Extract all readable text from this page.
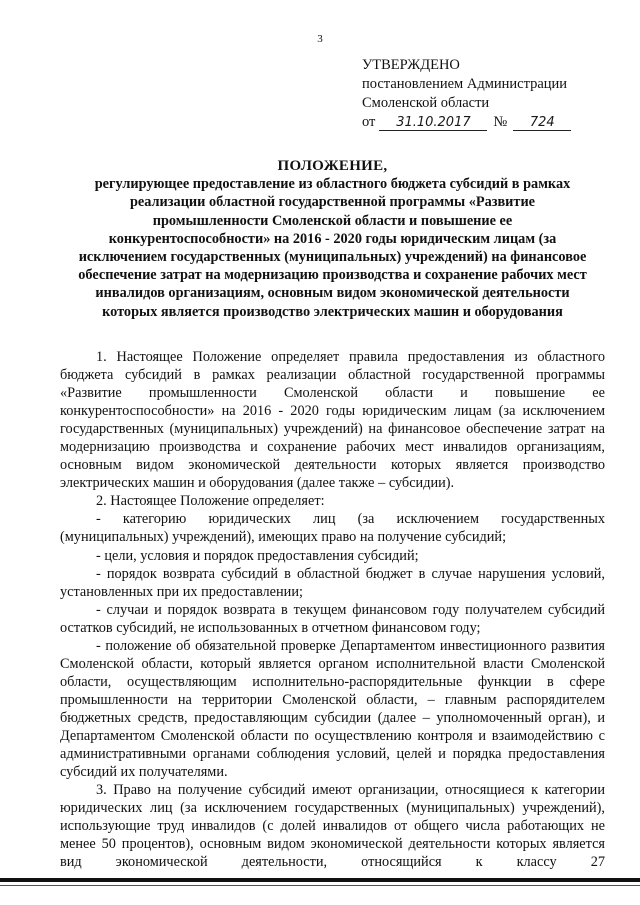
3
УТВЕРЖДЕНО
постановлением Администрации
Смоленской области
от	31.10.2017	№	724
ПОЛОЖЕНИЕ,
регулирующее предоставление из областного бюджета субсидий в рамках
реализации областной государственной программы «Развитие
промышленности Смоленской области и повышение ее
конкурентоспособности» на 2016 - 2020 годы юридическим лицам (за
исключением государственных (муниципальных) учреждений) на финансовое
обеспечение затрат на модернизацию производства и сохранение рабочих мест
инвалидов организациям, основным видом экономической деятельности
которых является производство электрических машин и оборудования

1. Настоящее Положение определяет правила предоставления из областного бюджета субсидий в рамках реализации областной государственной программы «Развитие промышленности Смоленской области и повышение ее конкурентоспособности» на 2016 - 2020 годы юридическим лицам (за исключением государственных (муниципальных) учреждений) на финансовое обеспечение затрат на модернизацию производства и сохранение рабочих мест инвалидов организациям, основным видом экономической деятельности которых является производство электрических машин и оборудования (далее также – субсидии).

2. Настоящее Положение определяет:

- категорию юридических лиц (за исключением государственных (муниципальных) учреждений), имеющих право на получение субсидий;

- цели, условия и порядок предоставления субсидий;

- порядок возврата субсидий в областной бюджет в случае нарушения условий, установленных при их предоставлении;

- случаи и порядок возврата в текущем финансовом году получателем субсидий остатков субсидий, не использованных в отчетном финансовом году;

- положение об обязательной проверке Департаментом инвестиционного развития Смоленской области, который является органом исполнительной власти Смоленской области, осуществляющим исполнительно-распорядительные функции в сфере промышленности на территории Смоленской области, – главным распорядителем бюджетных средств, предоставляющим субсидии (далее – уполномоченный орган), и Департаментом Смоленской области по осуществлению контроля и взаимодействию с административными органами соблюдения условий, целей и порядка предоставления субсидий их получателями.

3. Право на получение субсидий имеют организации, относящиеся к категории юридических лиц (за исключением государственных (муниципальных) учреждений), использующие труд инвалидов (с долей инвалидов от общего числа работающих не менее 50 процентов), основным видом экономической деятельности которых является вид экономической деятельности, относящийся к классу 27
